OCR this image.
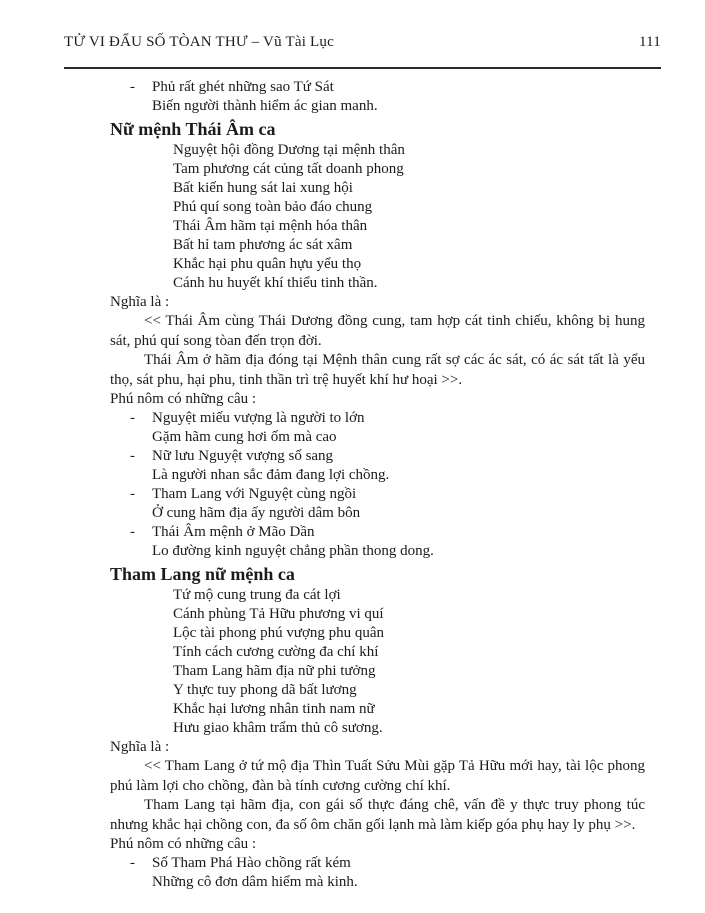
TỬ VI ĐẨU SỐ TÒAN THƯ – Vũ Tài Lục	111
-	Phủ rất ghét những sao Tứ Sát
Biến người thành hiểm ác gian manh.
Nữ mệnh Thái Âm ca
Nguyệt hội đồng Dương tại mệnh thân
Tam phương cát củng tất doanh phong
Bất kiến hung sát lai xung hội
Phú quí song toàn bảo đáo chung
Thái Âm hãm tại mệnh hóa thân
Bất hỉ tam phương ác sát xâm
Khắc hại phu quân hựu yểu thọ
Cánh hu huyết khí thiểu tinh thần.
Nghĩa là :
<< Thái Âm cùng Thái Dương đồng cung, tam hợp cát tinh chiếu, không bị hung sát, phú quí song tòan đến trọn đời.
Thái Âm ở hãm địa đóng tại Mệnh thân cung rất sợ các ác sát, có ác sát tất là yểu thọ, sát phu, hại phu, tinh thần trì trệ huyết khí hư hoại >>.
Phú nôm có những câu :
-	Nguyệt miếu vượng là người to lớn
Gặm hãm cung hơi ốm mà cao
-	Nữ lưu Nguyệt vượng số sang
Là người nhan sắc đảm đang lợi chồng.
-	Tham Lang với Nguyệt cùng ngồi
Ở cung hãm địa ấy người dâm bôn
-	Thái Âm mệnh ở Mão Dần
Lo đường kinh nguyệt chẳng phần thong dong.
Tham Lang nữ mệnh ca
Tứ mộ cung trung đa cát lợi
Cánh phùng Tả Hữu phương vi quí
Lộc tài phong phú vượng phu quân
Tính cách cương cường đa chí khí
Tham Lang hãm địa nữ phi tưởng
Y thực tuy phong dã bất lương
Khắc hại lương nhân tinh nam nữ
Hưu giao khâm trẩm thủ cô sương.
Nghĩa là :
<< Tham Lang ở tứ mộ địa Thìn Tuất Sửu Mùi gặp Tả Hữu mới hay, tài lộc phong phú làm lợi cho chồng, đàn bà tính cương cường chí khí.
Tham Lang tại hãm địa, con gái số thực đáng chê, vấn đề y thực truy phong túc nhưng khắc hại chồng con, đa số ôm chăn gối lạnh mà làm kiếp góa phụ hay ly phụ >>.
Phú nôm có những câu :
-	Số Tham Phá Hào chồng rất kém
Những cô đơn dâm hiểm mà kinh.
